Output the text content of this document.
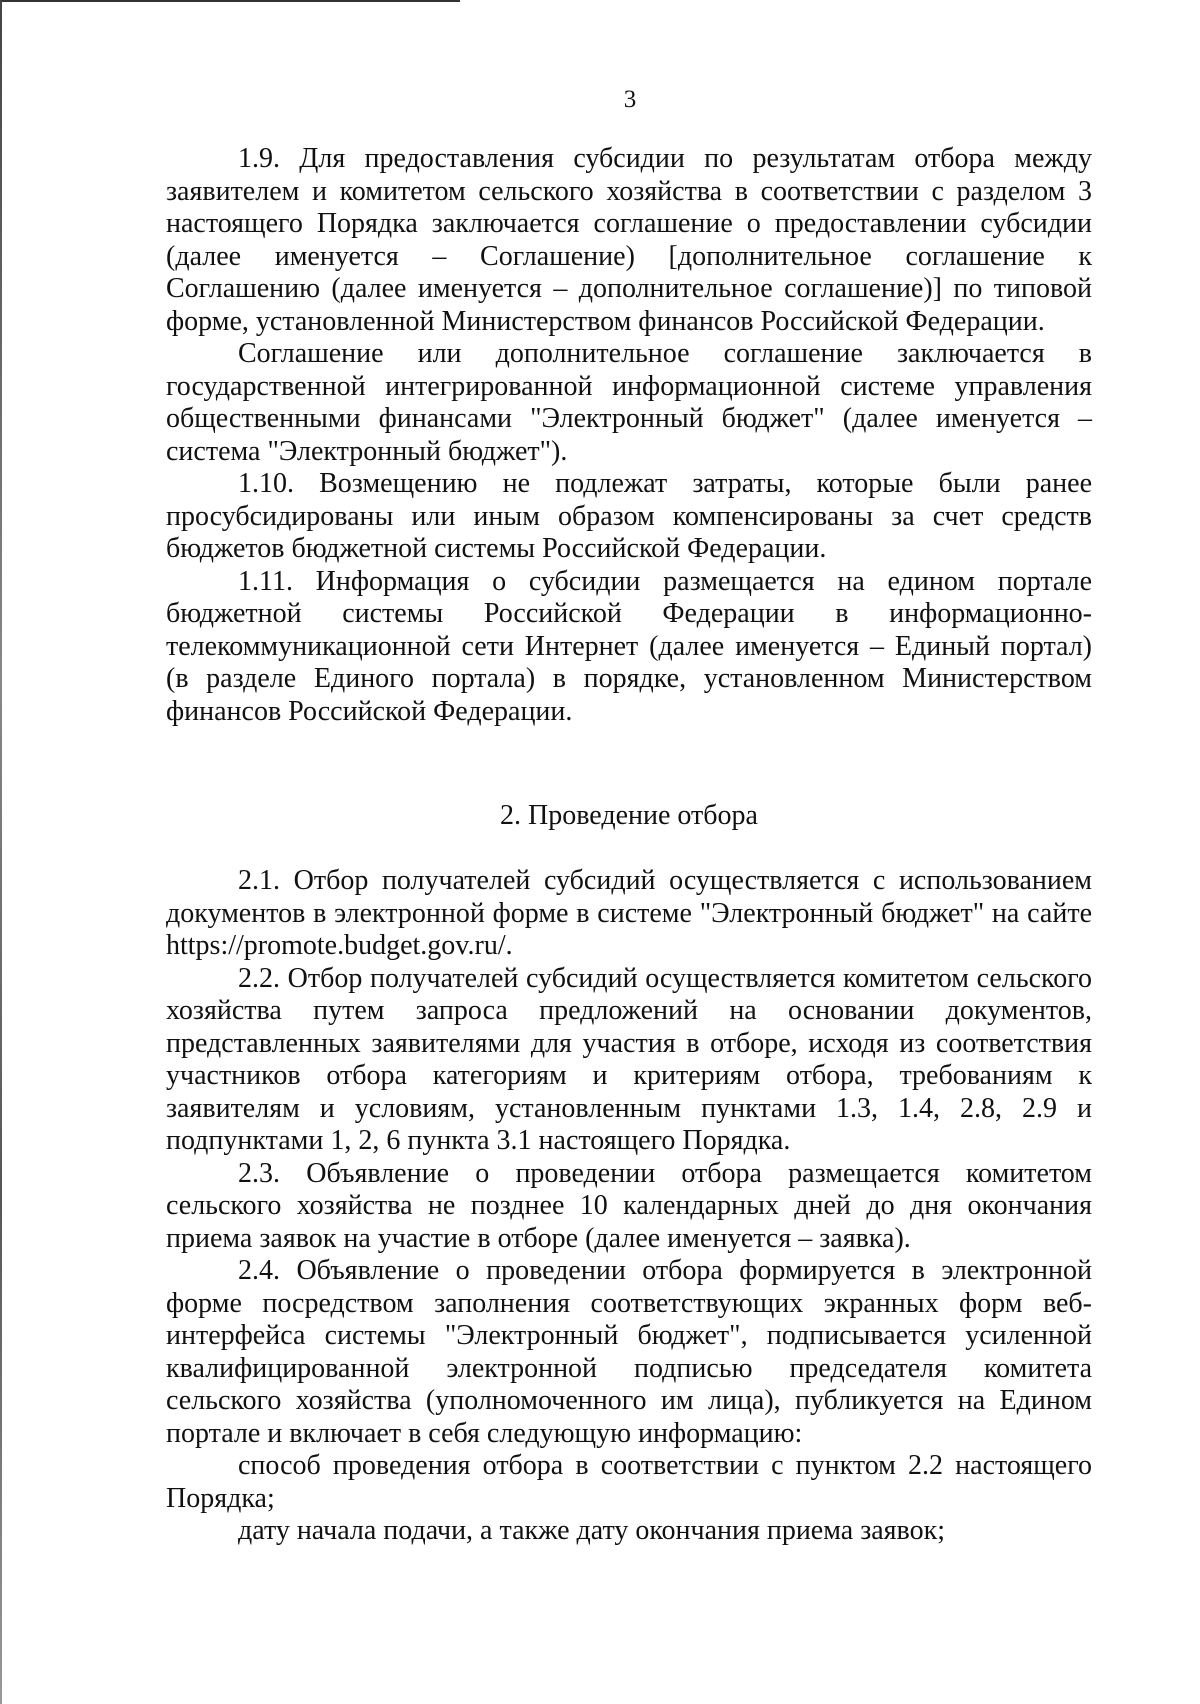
3

1.9. Для предоставления субсидии по результатам отбора между заявителем и комитетом сельского хозяйства в соответствии с разделом 3 настоящего Порядка заключается соглашение о предоставлении субсидии (далее именуется – Соглашение) [дополнительное соглашение к Соглашению (далее именуется – дополнительное соглашение)] по типовой форме, установленной Министерством финансов Российской Федерации.

Соглашение или дополнительное соглашение заключается в государственной интегрированной информационной системе управления общественными финансами "Электронный бюджет" (далее именуется – система "Электронный бюджет").

1.10. Возмещению не подлежат затраты, которые были ранее просубсидированы или иным образом компенсированы за счет средств бюджетов бюджетной системы Российской Федерации.

1.11. Информация о субсидии размещается на едином портале бюджетной системы Российской Федерации в информационно-телекоммуникационной сети Интернет (далее именуется – Единый портал) (в разделе Единого портала) в порядке, установленном Министерством финансов Российской Федерации.

2. Проведение отбора

2.1. Отбор получателей субсидий осуществляется с использованием документов в электронной форме в системе "Электронный бюджет" на сайте https://promote.budget.gov.ru/.

2.2. Отбор получателей субсидий осуществляется комитетом сельского хозяйства путем запроса предложений на основании документов, представленных заявителями для участия в отборе, исходя из соответствия участников отбора категориям и критериям отбора, требованиям к заявителям и условиям, установленным пунктами 1.3, 1.4, 2.8, 2.9 и подпунктами 1, 2, 6 пункта 3.1 настоящего Порядка.

2.3. Объявление о проведении отбора размещается комитетом сельского хозяйства не позднее 10 календарных дней до дня окончания приема заявок на участие в отборе (далее именуется – заявка).

2.4. Объявление о проведении отбора формируется в электронной форме посредством заполнения соответствующих экранных форм веб-интерфейса системы "Электронный бюджет", подписывается усиленной квалифицированной электронной подписью председателя комитета сельского хозяйства (уполномоченного им лица), публикуется на Едином портале и включает в себя следующую информацию:

способ проведения отбора в соответствии с пунктом 2.2 настоящего Порядка;

дату начала подачи, а также дату окончания приема заявок;
